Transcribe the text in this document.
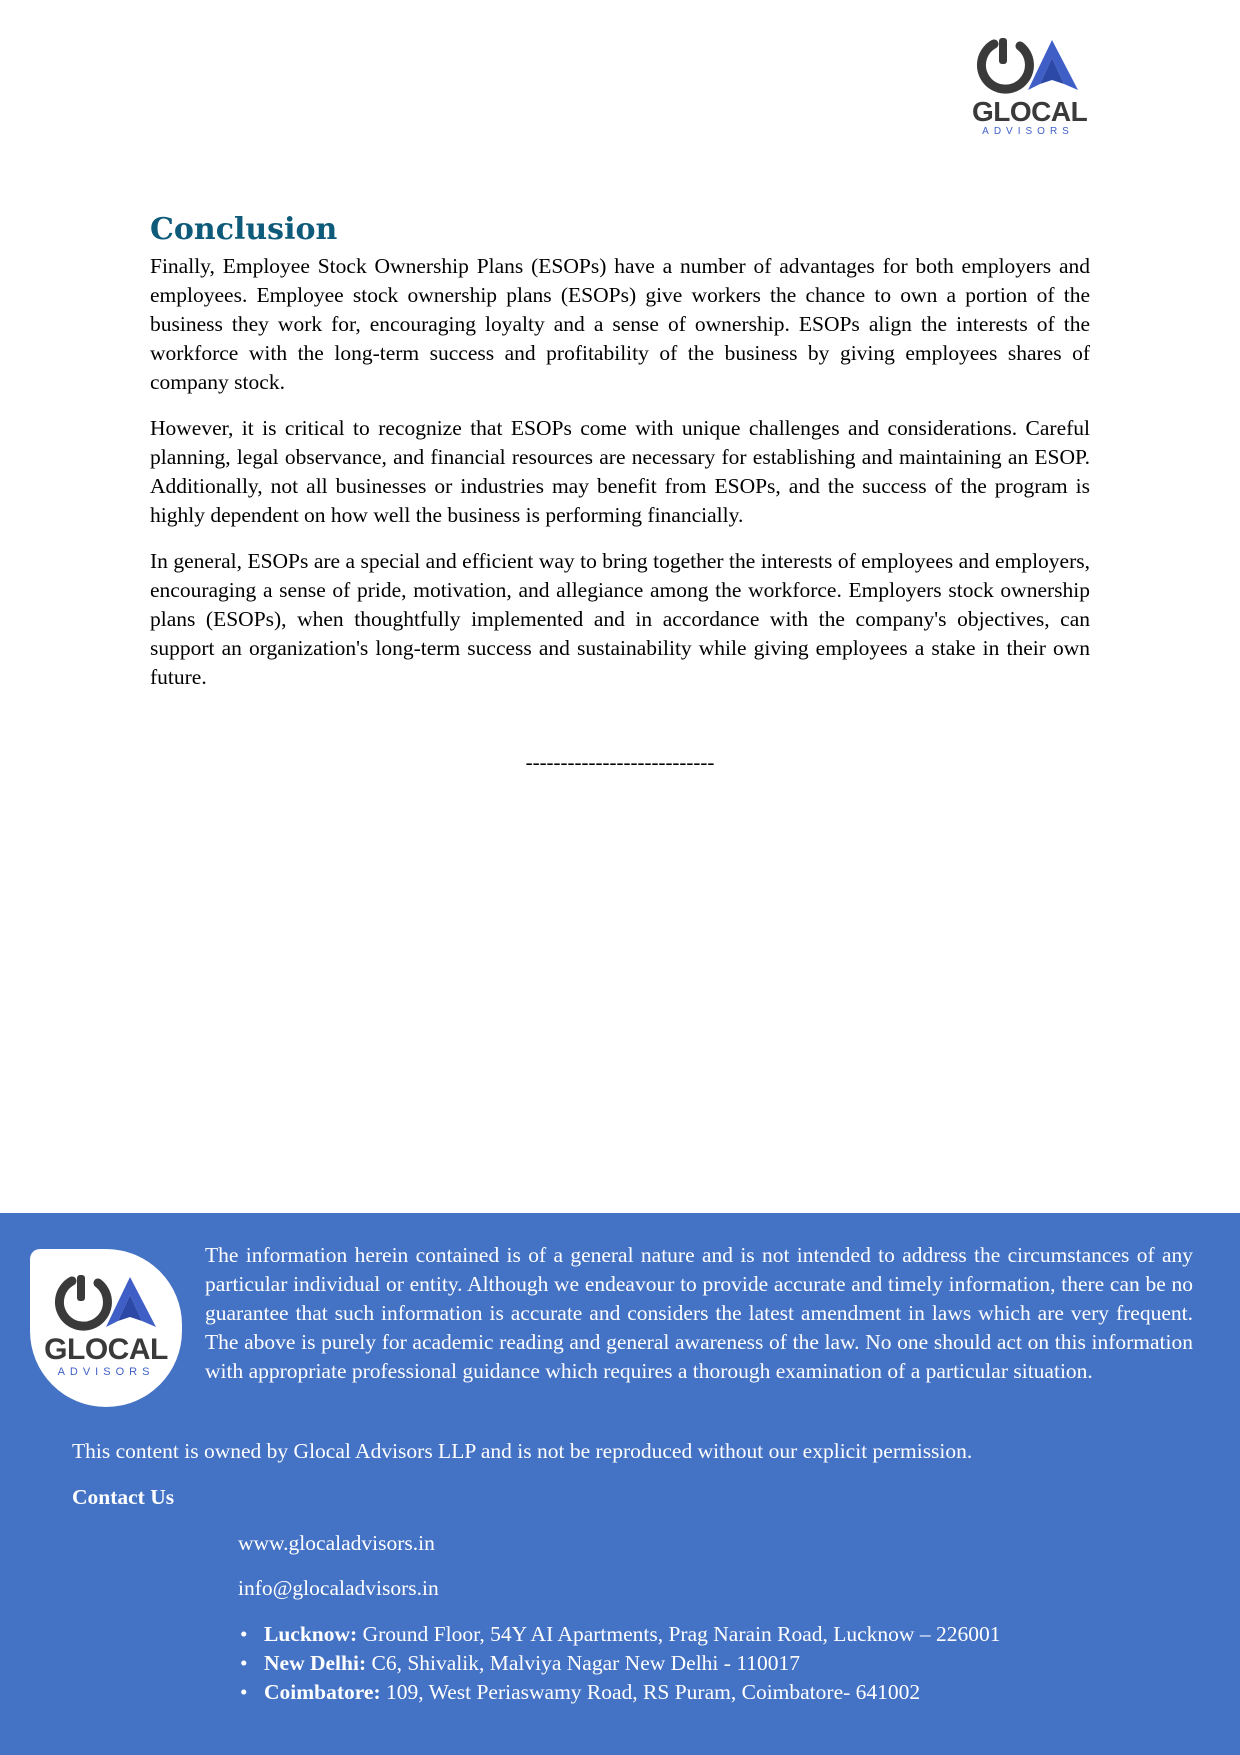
GLOCAL
ADVISORS
Conclusion

Finally, Employee Stock Ownership Plans (ESOPs) have a number of advantages for both employers and employees. Employee stock ownership plans (ESOPs) give workers the chance to own a portion of the business they work for, encouraging loyalty and a sense of ownership. ESOPs align the interests of the workforce with the long-term success and profitability of the business by giving employees shares of company stock.

However, it is critical to recognize that ESOPs come with unique challenges and considerations. Careful planning, legal observance, and financial resources are necessary for establishing and maintaining an ESOP. Additionally, not all businesses or industries may benefit from ESOPs, and the success of the program is highly dependent on how well the business is performing financially.

In general, ESOPs are a special and efficient way to bring together the interests of employees and employers, encouraging a sense of pride, motivation, and allegiance among the workforce. Employers stock ownership plans (ESOPs), when thoughtfully implemented and in accordance with the company's objectives, can support an organization's long-term success and sustainability while giving employees a stake in their own future.

---------------------------
GLOCAL
ADVISORS

The information herein contained is of a general nature and is not intended to address the circumstances of any particular individual or entity. Although we endeavour to provide accurate and timely information, there can be no guarantee that such information is accurate and considers the latest amendment in laws which are very frequent. The above is purely for academic reading and general awareness of the law. No one should act on this information with appropriate professional guidance which requires a thorough examination of a particular situation.

This content is owned by Glocal Advisors LLP and is not be reproduced without our explicit permission.

Contact Us

www.glocaladvisors.in
info@glocaladvisors.in
• Lucknow: Ground Floor, 54Y AI Apartments, Prag Narain Road, Lucknow – 226001
• New Delhi: C6, Shivalik, Malviya Nagar New Delhi - 110017
• Coimbatore: 109, West Periaswamy Road, RS Puram, Coimbatore- 641002
